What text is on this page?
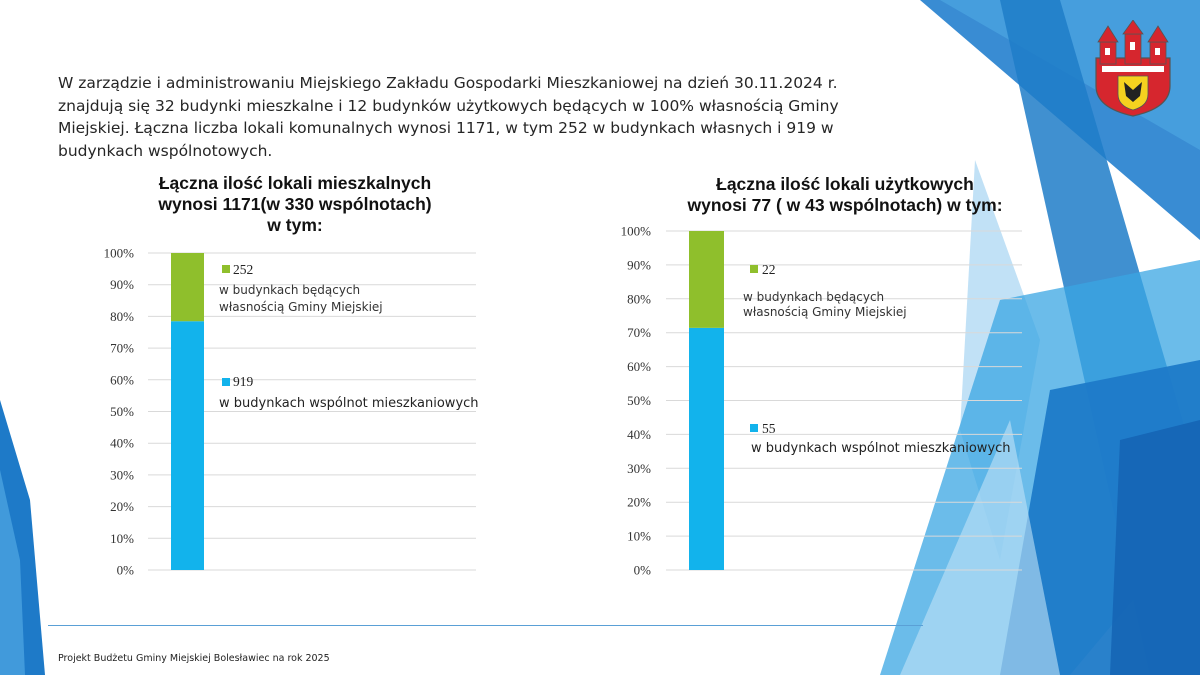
W zarządzie i administrowaniu Miejskiego Zakładu Gospodarki Mieszkaniowej na dzień 30.11.2024 r. znajdują się 32 budynki mieszkalne i 12 budynków użytkowych będących w 100% własnością Gminy Miejskiej. Łączna liczba lokali komunalnych wynosi 1171, w tym 252 w budynkach własnych i 919 w budynkach wspólnotowych.
Łączna ilość lokali mieszkalnych
wynosi 1171(w 330 wspólnotach)
w tym:
Łączna ilość lokali użytkowych
wynosi 77 ( w 43 wspólnotach) w tym:
0%
10%
20%
30%
40%
50%
60%
70%
80%
90%
100%
919
w budynkach wspólnot mieszkaniowych
252
w budynkach będących
własnością Gminy Miejskiej
0%
10%
20%
30%
40%
50%
60%
70%
80%
90%
100%
55
w budynkach wspólnot mieszkaniowych
22
w budynkach będących
własnością Gminy Miejskiej
Projekt Budżetu Gminy Miejskiej Bolesławiec na rok 2025
